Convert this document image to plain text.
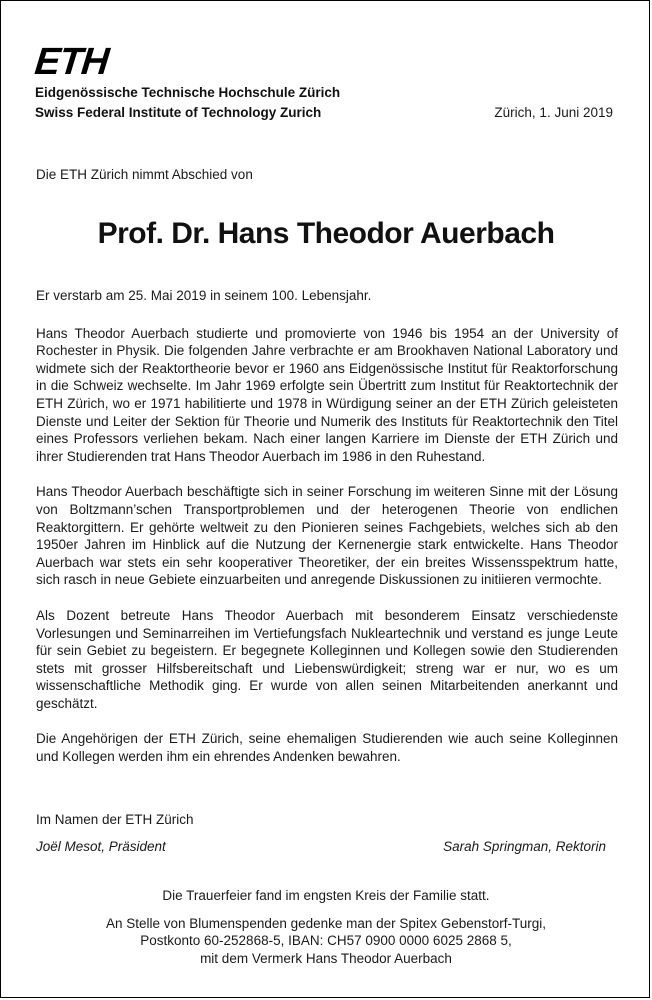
ETH
Eidgenössische Technische Hochschule Zürich
Swiss Federal Institute of Technology Zurich	Zürich, 1. Juni 2019
Die ETH Zürich nimmt Abschied von
Prof. Dr. Hans Theodor Auerbach

Er verstarb am 25. Mai 2019 in seinem 100. Lebensjahr.

Hans Theodor Auerbach studierte und promovierte von 1946 bis 1954 an der University of Rochester in Physik. Die folgenden Jahre verbrachte er am Brookhaven National Laboratory und widmete sich der Reaktortheorie bevor er 1960 ans Eidgenössische Institut für Reaktorforschung in die Schweiz wechselte. Im Jahr 1969 erfolgte sein Übertritt zum Institut für Reaktortechnik der ETH Zürich, wo er 1971 habilitierte und 1978 in Würdigung seiner an der ETH Zürich geleisteten Dienste und Leiter der Sektion für Theorie und Numerik des Instituts für Reaktortechnik den Titel eines Professors verliehen bekam. Nach einer langen Karriere im Dienste der ETH Zürich und ihrer Studierenden trat Hans Theodor Auerbach im 1986 in den Ruhestand.

Hans Theodor Auerbach beschäftigte sich in seiner Forschung im weiteren Sinne mit der Lösung von Boltzmann’schen Transportproblemen und der heterogenen Theorie von endlichen Reaktorgittern. Er gehörte weltweit zu den Pionieren seines Fachgebiets, welches sich ab den 1950er Jahren im Hinblick auf die Nutzung der Kernenergie stark entwickelte. Hans Theodor Auerbach war stets ein sehr kooperativer Theoretiker, der ein breites Wissensspektrum hatte, sich rasch in neue Gebiete einzuarbeiten und anregende Diskussionen zu initiieren vermochte.

Als Dozent betreute Hans Theodor Auerbach mit besonderem Einsatz verschiedenste Vorlesungen und Seminarreihen im Vertiefungsfach Nukleartechnik und verstand es junge Leute für sein Gebiet zu begeistern. Er begegnete Kolleginnen und Kollegen sowie den Studierenden stets mit grosser Hilfsbereitschaft und Liebenswürdigkeit; streng war er nur, wo es um wissenschaftliche Methodik ging. Er wurde von allen seinen Mitarbeitenden anerkannt und geschätzt.

Die Angehörigen der ETH Zürich, seine ehemaligen Studierenden wie auch seine Kolleginnen und Kollegen werden ihm ein ehrendes Andenken bewahren.

Im Namen der ETH Zürich
Joël Mesot, Präsident	Sarah Springman, Rektorin
Die Trauerfeier fand im engsten Kreis der Familie statt.
An Stelle von Blumenspenden gedenke man der Spitex Gebenstorf-Turgi,
Postkonto 60-252868-5, IBAN: CH57 0900 0000 6025 2868 5,
mit dem Vermerk Hans Theodor Auerbach
